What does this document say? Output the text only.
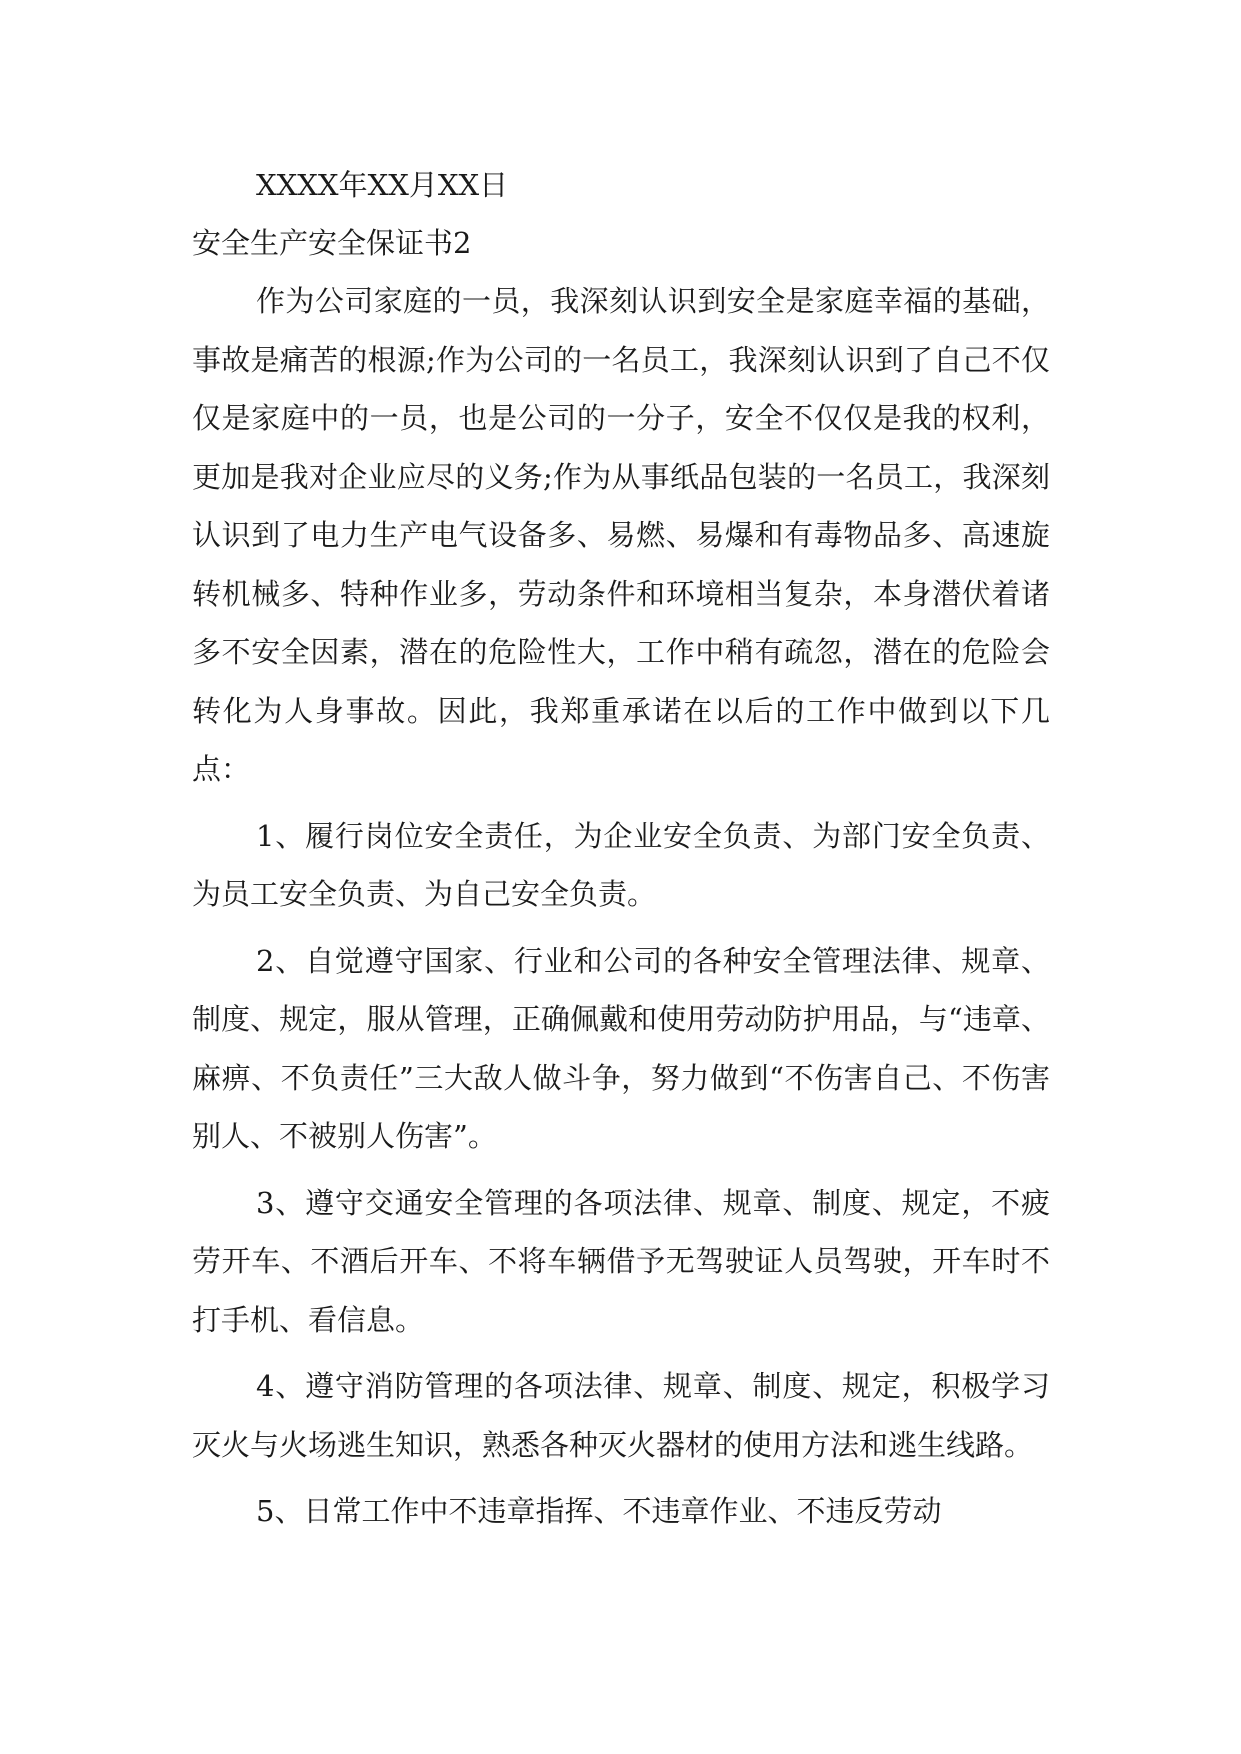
XXXX年XX月XX日
安全生产安全保证书2

作为公司家庭的一员，我深刻认识到安全是家庭幸福的基础，事故是痛苦的根源;作为公司的一名员工，我深刻认识到了自己不仅仅是家庭中的一员，也是公司的一分子，安全不仅仅是我的权利，更加是我对企业应尽的义务;作为从事纸品包装的一名员工，我深刻认识到了电力生产电气设备多、易燃、易爆和有毒物品多、高速旋转机械多、特种作业多，劳动条件和环境相当复杂，本身潜伏着诸多不安全因素，潜在的危险性大，工作中稍有疏忽，潜在的危险会转化为人身事故。因此，我郑重承诺在以后的工作中做到以下几点：

1、履行岗位安全责任，为企业安全负责、为部门安全负责、为员工安全负责、为自己安全负责。

2、自觉遵守国家、行业和公司的各种安全管理法律、规章、制度、规定，服从管理，正确佩戴和使用劳动防护用品，与“违章、麻痹、不负责任”三大敌人做斗争，努力做到“不伤害自己、不伤害别人、不被别人伤害”。

3、遵守交通安全管理的各项法律、规章、制度、规定，不疲劳开车、不酒后开车、不将车辆借予无驾驶证人员驾驶，开车时不打手机、看信息。

4、遵守消防管理的各项法律、规章、制度、规定，积极学习灭火与火场逃生知识，熟悉各种灭火器材的使用方法和逃生线路。

5、日常工作中不违章指挥、不违章作业、不违反劳动
